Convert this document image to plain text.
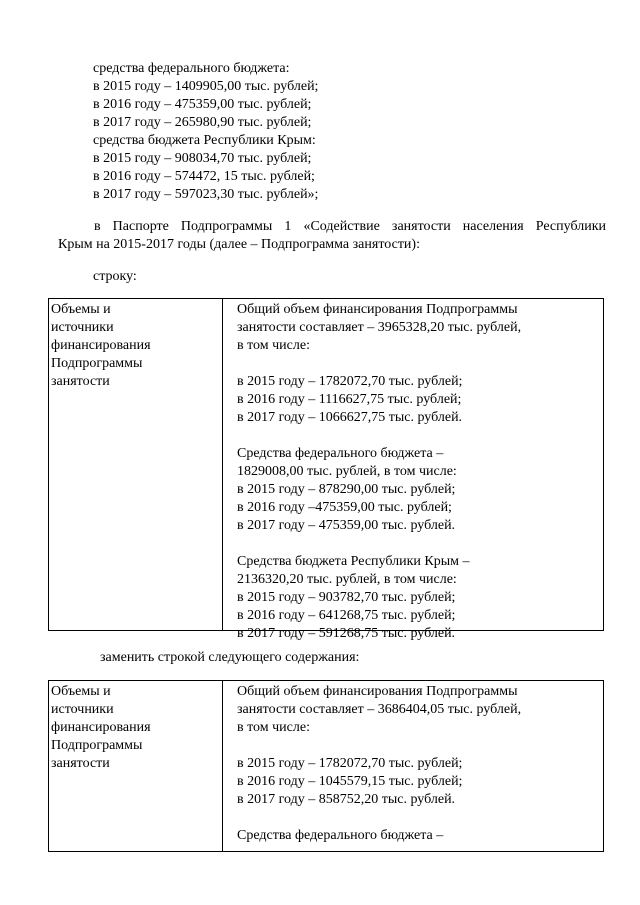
средства федерального бюджета:
в 2015 году – 1409905,00 тыс. рублей;
в 2016 году – 475359,00 тыс. рублей;
в 2017 году – 265980,90 тыс. рублей;
средства бюджета Республики Крым:
в 2015 году – 908034,70 тыс. рублей;
в 2016 году – 574472, 15 тыс. рублей;
в 2017 году – 597023,30 тыс. рублей»;
в Паспорте Подпрограммы 1 «Содействие занятости населения Республики
Крым на 2015-2017 годы (далее – Подпрограмма занятости):
строку:
Объемы и
источники
финансирования
Подпрограммы
занятости
Общий объем финансирования Подпрограммы
занятости составляет – 3965328,20 тыс. рублей,
в том числе:
в 2015 году – 1782072,70 тыс. рублей;
в 2016 году – 1116627,75 тыс. рублей;
в 2017 году – 1066627,75 тыс. рублей.
Средства федерального бюджета –
1829008,00 тыс. рублей, в том числе:
в 2015 году – 878290,00 тыс. рублей;
в 2016 году –475359,00 тыс. рублей;
в 2017 году – 475359,00 тыс. рублей.
Средства бюджета Республики Крым –
2136320,20 тыс. рублей, в том числе:
в 2015 году – 903782,70 тыс. рублей;
в 2016 году – 641268,75 тыс. рублей;
в 2017 году – 591268,75 тыс. рублей.
заменить строкой следующего содержания:
Объемы и
источники
финансирования
Подпрограммы
занятости
Общий объем финансирования Подпрограммы
занятости составляет – 3686404,05 тыс. рублей,
в том числе:
в 2015 году – 1782072,70 тыс. рублей;
в 2016 году – 1045579,15 тыс. рублей;
в 2017 году – 858752,20 тыс. рублей.
Средства федерального бюджета –
